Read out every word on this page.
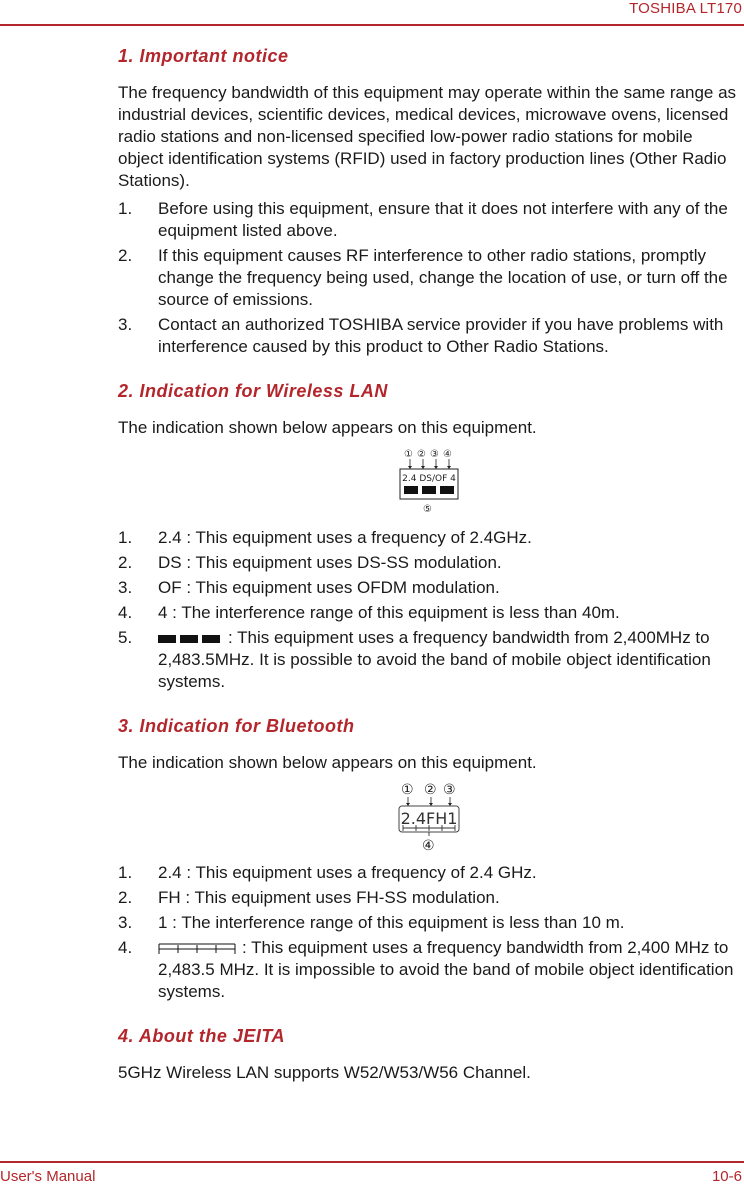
TOSHIBA LT170
1. Important notice

The frequency bandwidth of this equipment may operate within the same range as industrial devices, scientific devices, medical devices, microwave ovens, licensed radio stations and non-licensed specified low-power radio stations for mobile object identification systems (RFID) used in factory production lines (Other Radio Stations).

1.	Before using this equipment, ensure that it does not interfere with any of the equipment listed above.
2.	If this equipment causes RF interference to other radio stations, promptly change the frequency being used, change the location of use, or turn off the source of emissions.
3.	Contact an authorized TOSHIBA service provider if you have problems with interference caused by this product to Other Radio Stations.
2. Indication for Wireless LAN

The indication shown below appears on this equipment.

① ② ③ ④
2.4 DS/OF 4
⑤
1.	2.4 : This equipment uses a frequency of 2.4GHz.
2.	DS : This equipment uses DS-SS modulation.
3.	OF : This equipment uses OFDM modulation.
4.	4 : The interference range of this equipment is less than 40m.
5.	: This equipment uses a frequency bandwidth from 2,400MHz to 2,483.5MHz. It is possible to avoid the band of mobile object identification systems.
3. Indication for Bluetooth

The indication shown below appears on this equipment.

① ② ③
2.4FH1
④
1.	2.4 : This equipment uses a frequency of 2.4 GHz.
2.	FH : This equipment uses FH-SS modulation.
3.	1 : The interference range of this equipment is less than 10 m.
4.	: This equipment uses a frequency bandwidth from 2,400 MHz to 2,483.5 MHz. It is impossible to avoid the band of mobile object identification systems.
4. About the JEITA

5GHz Wireless LAN supports W52/W53/W56 Channel.

User's Manual	10-6
